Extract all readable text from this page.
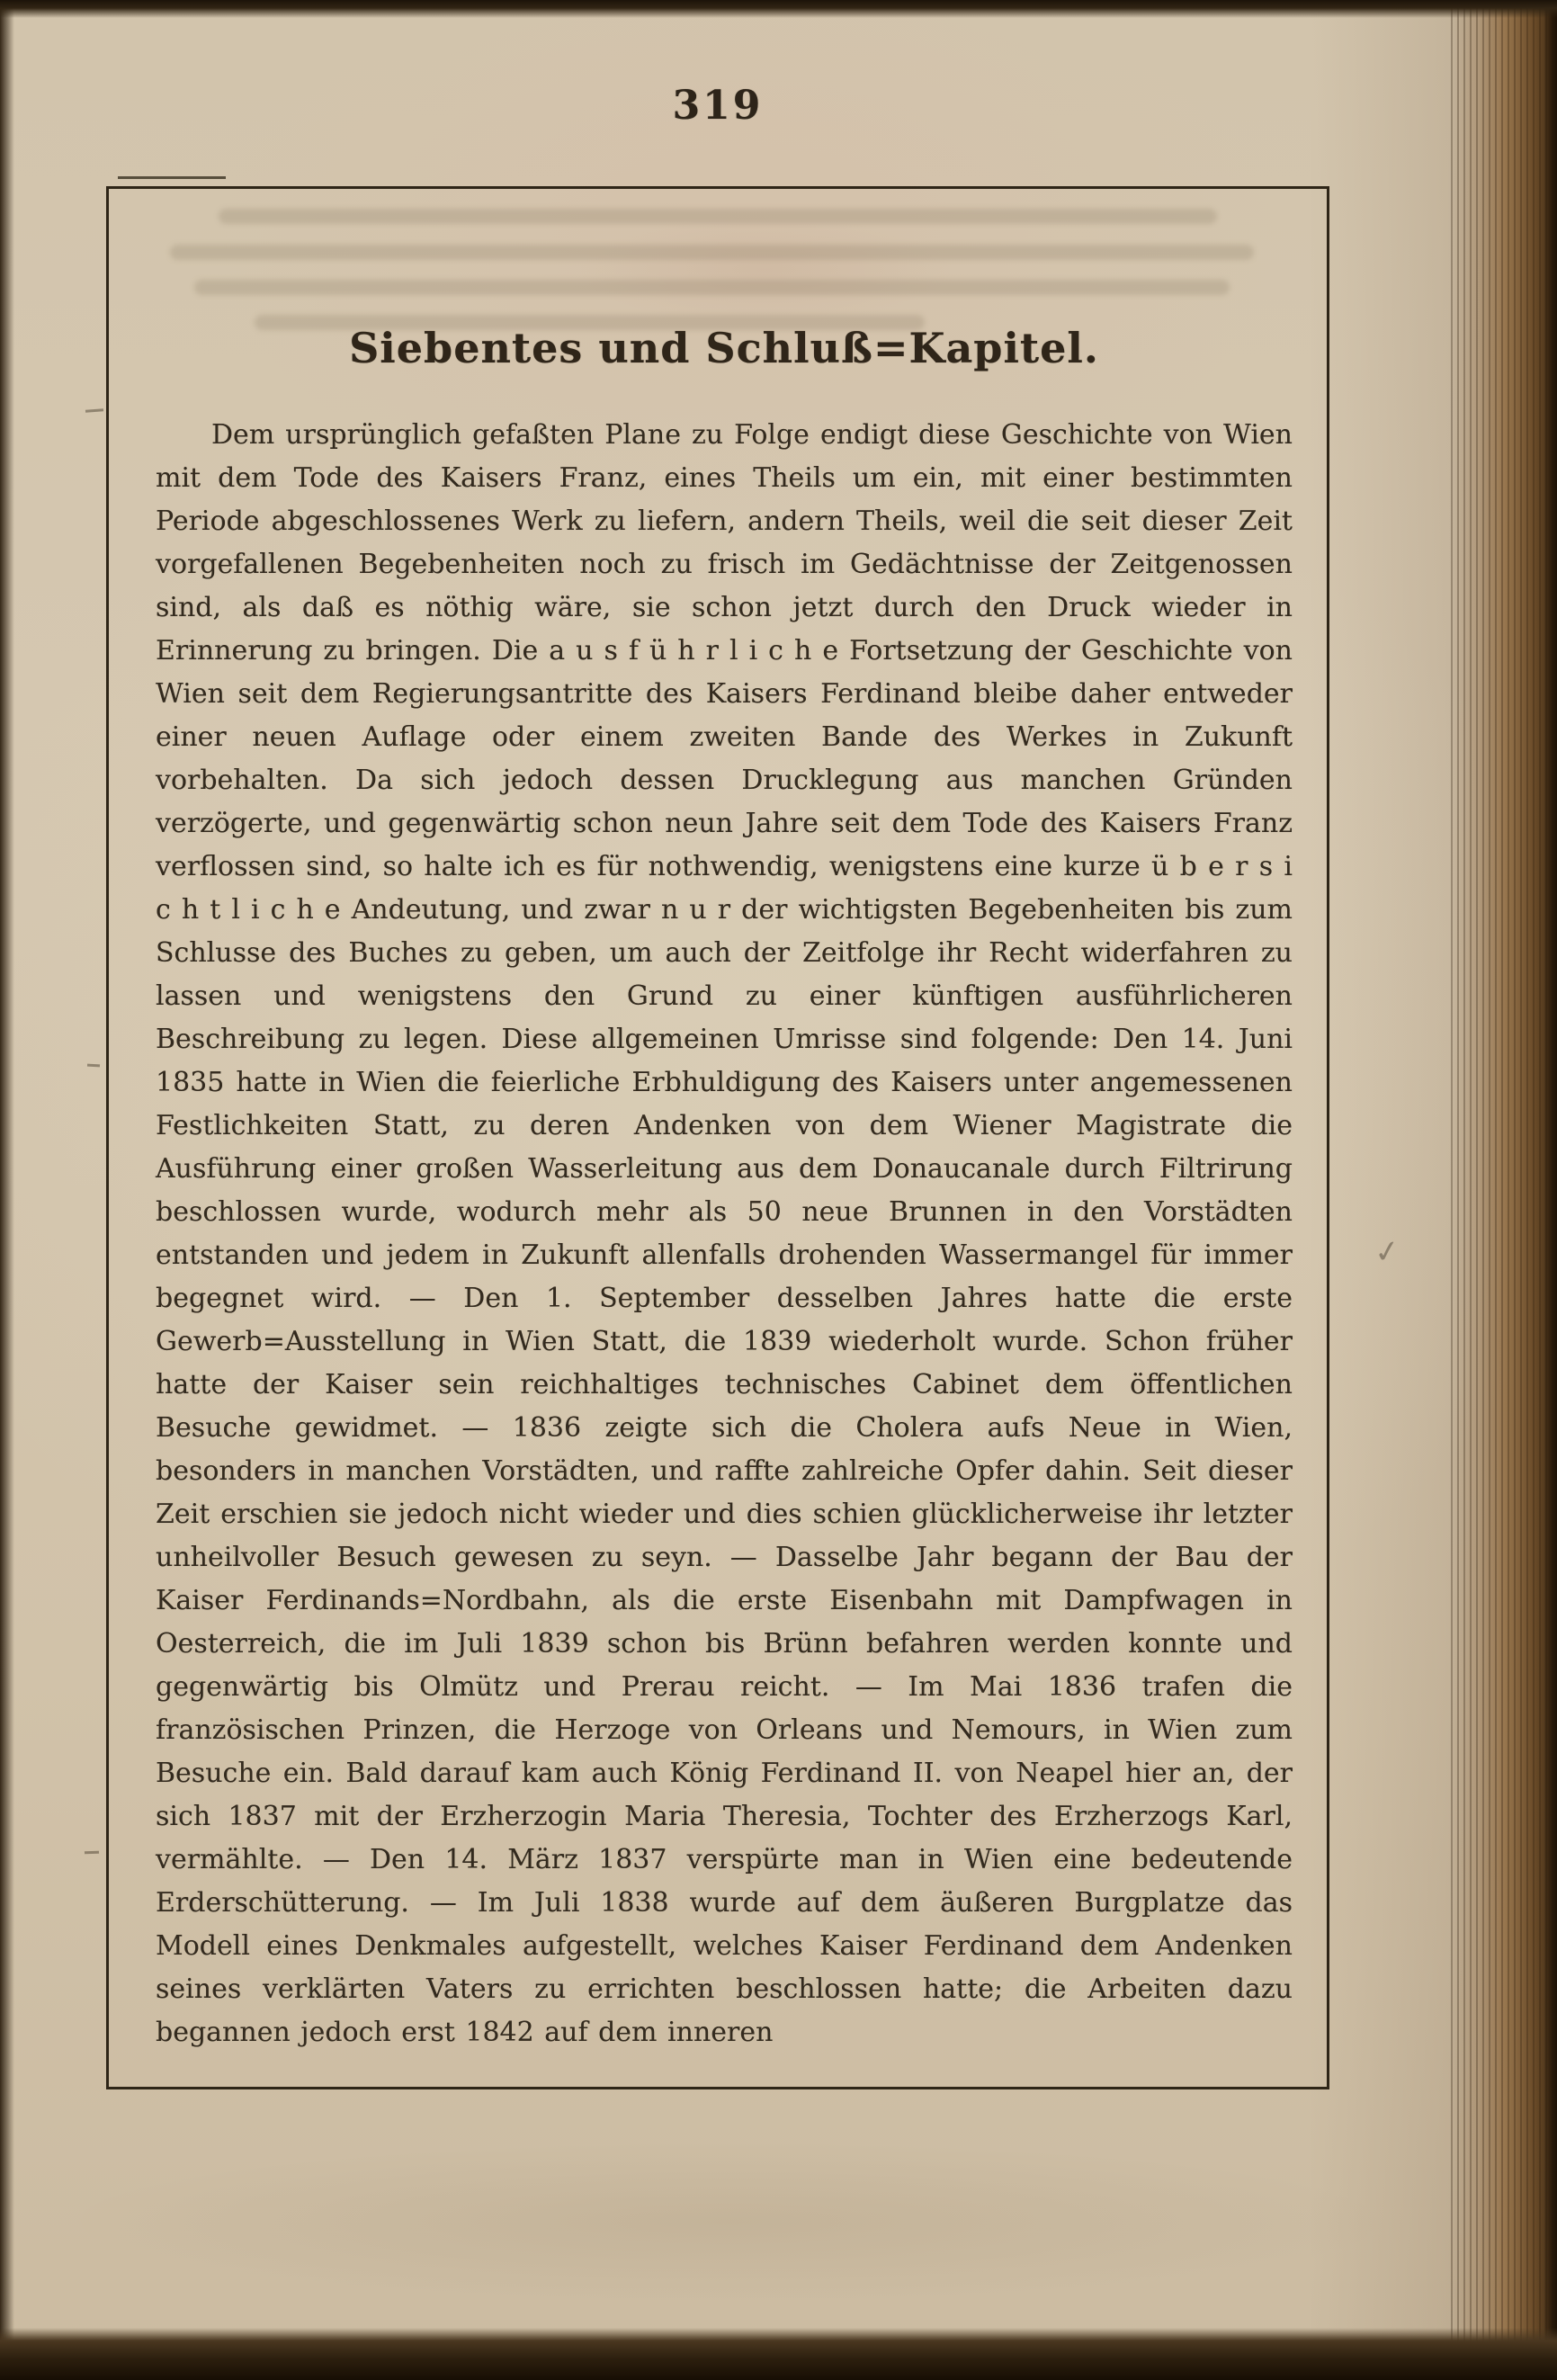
319
Siebentes und Schluß=Kapitel.

Dem ursprünglich gefaßten Plane zu Folge endigt diese Geschichte von Wien mit dem Tode des Kaisers Franz, eines Theils um ein, mit einer bestimmten Periode abgeschlossenes Werk zu liefern, andern Theils, weil die seit dieser Zeit vorgefallenen Begebenheiten noch zu frisch im Gedächtnisse der Zeitgenossen sind, als daß es nöthig wäre, sie schon jetzt durch den Druck wieder in Erinnerung zu bringen. Die a u s f ü h r l i c h e Fortsetzung der Geschichte von Wien seit dem Regierungsantritte des Kaisers Ferdinand bleibe daher entweder einer neuen Auflage oder einem zweiten Bande des Werkes in Zukunft vorbehalten. Da sich jedoch dessen Drucklegung aus manchen Gründen verzögerte, und gegenwärtig schon neun Jahre seit dem Tode des Kaisers Franz verflossen sind, so halte ich es für nothwendig, wenigstens eine kurze ü b e r s i c h t l i c h e Andeutung, und zwar n u r der wichtigsten Begebenheiten bis zum Schlusse des Buches zu geben, um auch der Zeitfolge ihr Recht widerfahren zu lassen und wenigstens den Grund zu einer künftigen ausführlicheren Beschreibung zu legen. Diese allgemeinen Umrisse sind folgende: Den 14. Juni 1835 hatte in Wien die feierliche Erbhuldigung des Kaisers unter angemessenen Festlichkeiten Statt, zu deren Andenken von dem Wiener Magistrate die Ausführung einer großen Wasserleitung aus dem Donaucanale durch Filtrirung beschlossen wurde, wodurch mehr als 50 neue Brunnen in den Vorstädten entstanden und jedem in Zukunft allenfalls drohenden Wassermangel für immer begegnet wird. — Den 1. September desselben Jahres hatte die erste Gewerb=Ausstellung in Wien Statt, die 1839 wiederholt wurde. Schon früher hatte der Kaiser sein reichhaltiges technisches Cabinet dem öffentlichen Besuche gewidmet. — 1836 zeigte sich die Cholera aufs Neue in Wien, besonders in manchen Vorstädten, und raffte zahlreiche Opfer dahin. Seit dieser Zeit erschien sie jedoch nicht wieder und dies schien glücklicherweise ihr letzter unheilvoller Besuch gewesen zu seyn. — Dasselbe Jahr begann der Bau der Kaiser Ferdinands=Nordbahn, als die erste Eisenbahn mit Dampfwagen in Oesterreich, die im Juli 1839 schon bis Brünn befahren werden konnte und gegenwärtig bis Olmütz und Prerau reicht. — Im Mai 1836 trafen die französischen Prinzen, die Herzoge von Orleans und Nemours, in Wien zum Besuche ein. Bald darauf kam auch König Ferdinand II. von Neapel hier an, der sich 1837 mit der Erzherzogin Maria Theresia, Tochter des Erzherzogs Karl, vermählte. — Den 14. März 1837 verspürte man in Wien eine bedeutende Erderschütterung. — Im Juli 1838 wurde auf dem äußeren Burgplatze das Modell eines Denkmales aufgestellt, welches Kaiser Ferdinand dem Andenken seines verklärten Vaters zu errichten beschlossen hatte; die Arbeiten dazu begannen jedoch erst 1842 auf dem inneren

✓
